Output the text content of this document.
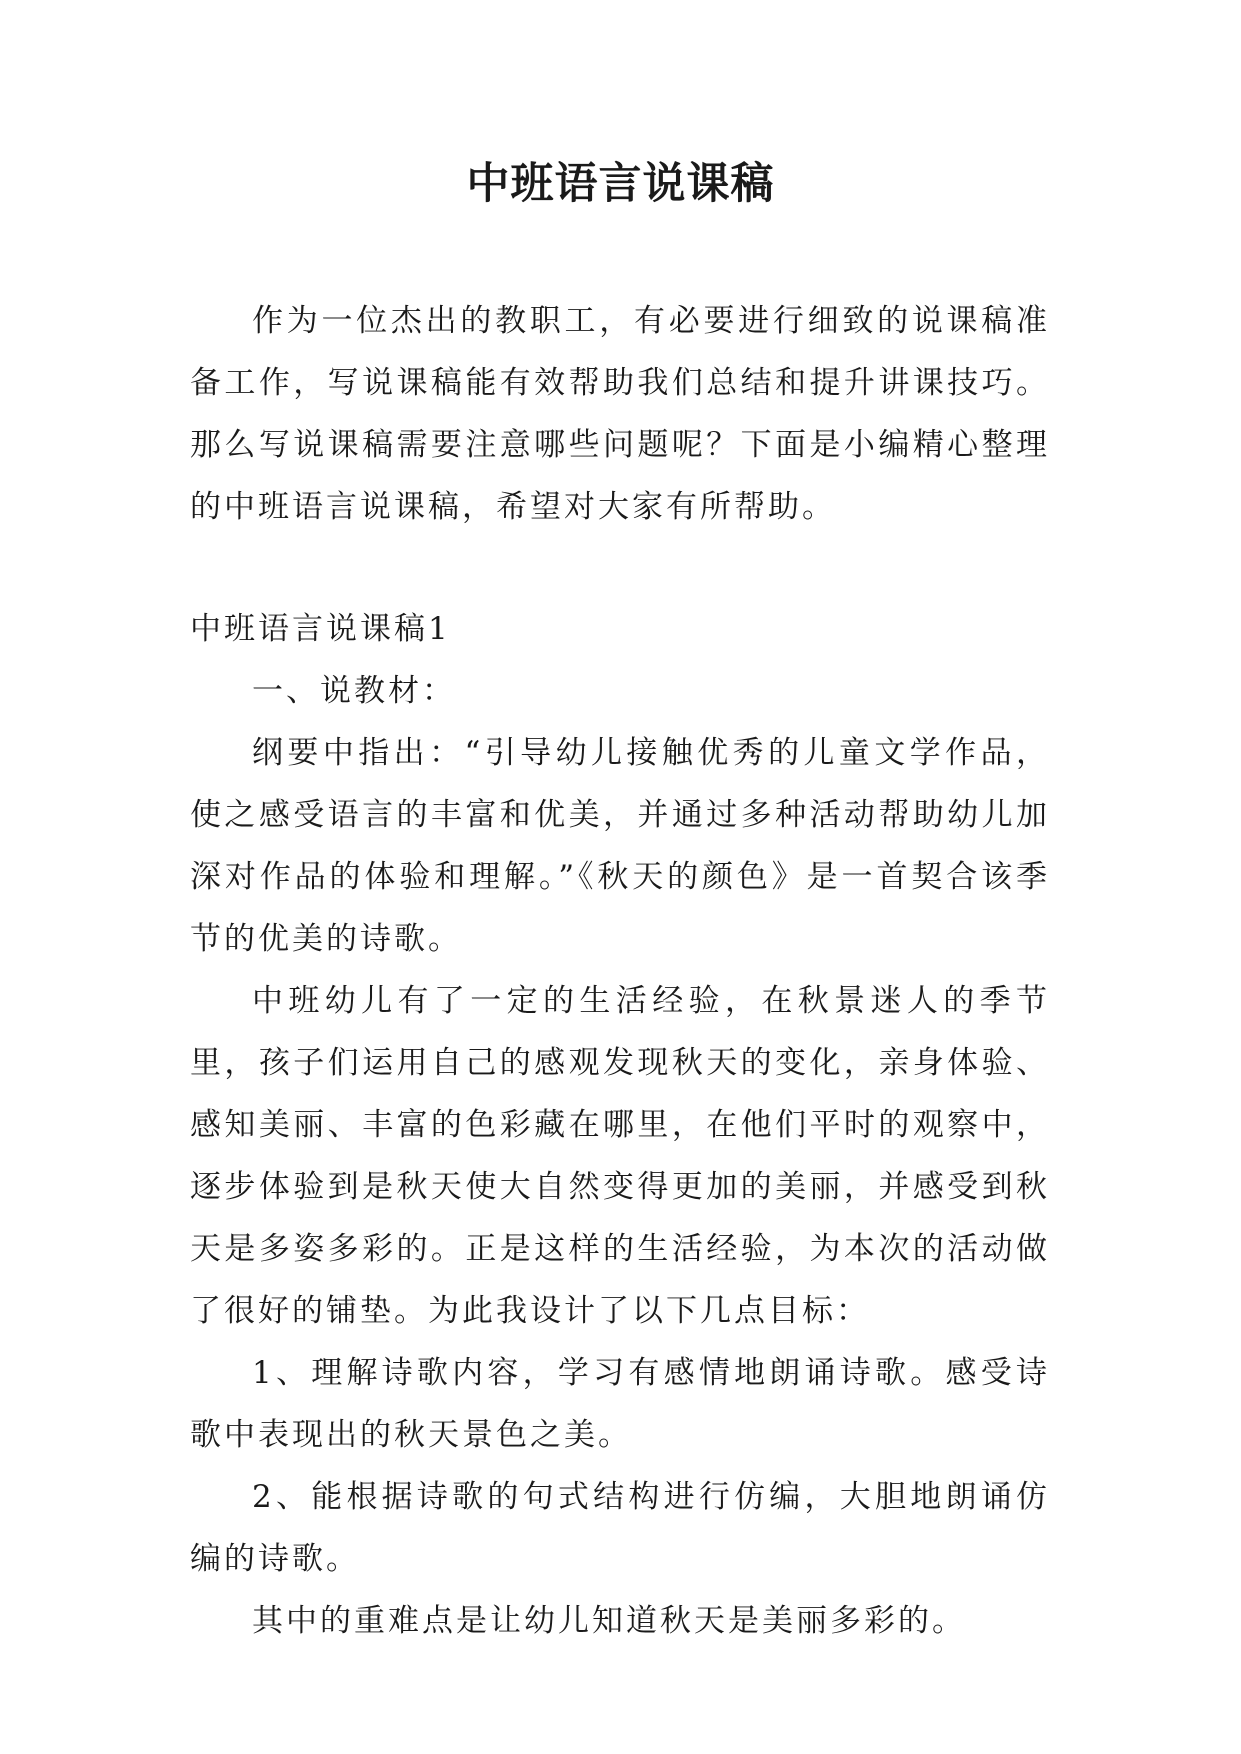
中班语言说课稿

作为一位杰出的教职工，有必要进行细致的说课稿准备工作，写说课稿能有效帮助我们总结和提升讲课技巧。那么写说课稿需要注意哪些问题呢？下面是小编精心整理的中班语言说课稿，希望对大家有所帮助。

中班语言说课稿1

一、说教材：

纲要中指出：“引导幼儿接触优秀的儿童文学作品，使之感受语言的丰富和优美，并通过多种活动帮助幼儿加深对作品的体验和理解。”《秋天的颜色》是一首契合该季节的优美的诗歌。

中班幼儿有了一定的生活经验，在秋景迷人的季节里，孩子们运用自己的感观发现秋天的变化，亲身体验、感知美丽、丰富的色彩藏在哪里，在他们平时的观察中，逐步体验到是秋天使大自然变得更加的美丽，并感受到秋天是多姿多彩的。正是这样的生活经验，为本次的活动做了很好的铺垫。为此我设计了以下几点目标：

1、理解诗歌内容，学习有感情地朗诵诗歌。感受诗歌中表现出的秋天景色之美。

2、能根据诗歌的句式结构进行仿编，大胆地朗诵仿编的诗歌。

其中的重难点是让幼儿知道秋天是美丽多彩的。
